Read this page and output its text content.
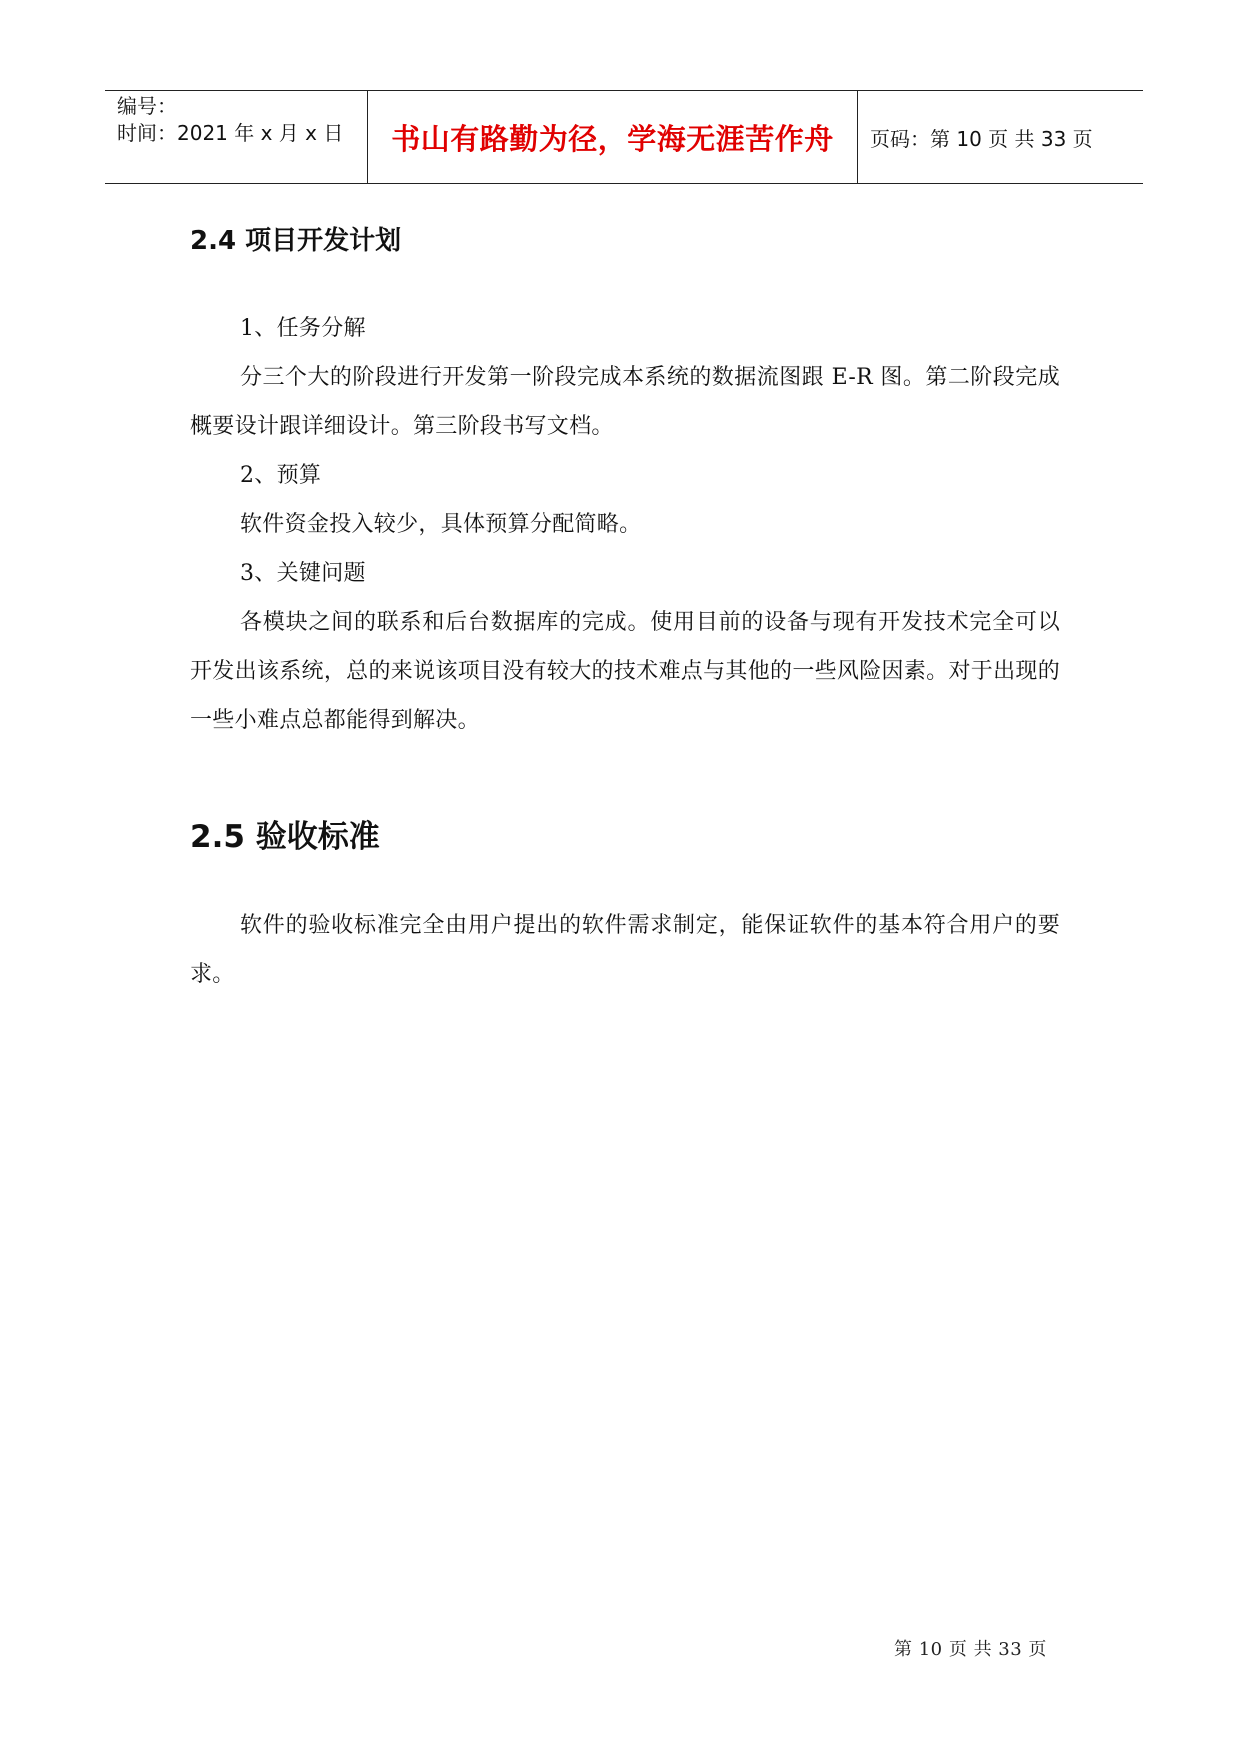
编号：
时间：2021 年 x 月 x 日	书山有路勤为径，学海无涯苦作舟	页码：第 10 页 共 33 页
2.4 项目开发计划

1、任务分解

分三个大的阶段进行开发第一阶段完成本系统的数据流图跟 E-R 图。第二阶段完成概要设计跟详细设计。第三阶段书写文档。

2、预算

软件资金投入较少，具体预算分配简略。

3、关键问题

各模块之间的联系和后台数据库的完成。使用目前的设备与现有开发技术完全可以开发出该系统，总的来说该项目没有较大的技术难点与其他的一些风险因素。对于出现的一些小难点总都能得到解决。

2.5 验收标准

软件的验收标准完全由用户提出的软件需求制定，能保证软件的基本符合用户的要求。

第 10 页 共 33 页
